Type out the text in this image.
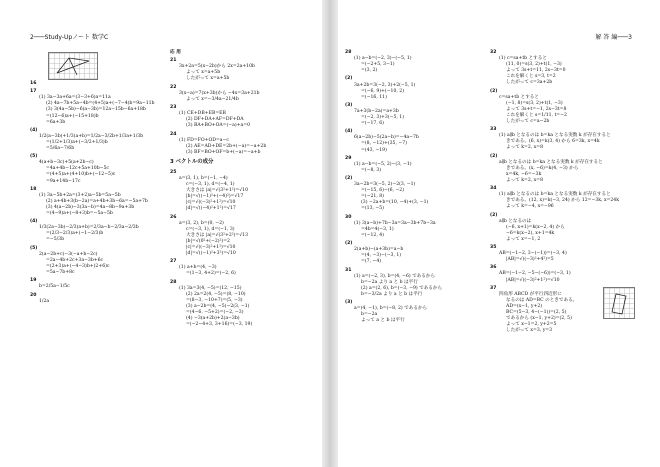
2───Study-Upノート 数学C	解 答 編───3
16
17
(1) 3a−3a+6a=(3−3+6)a=11a
(2) 4a−7b+5a−4b=(4+5)a+(−7−4)b=9a−11b
(3) 3(4a−5b)−6(a−3b)=12a−15b−6a+18b
=(12−6)a+(−15+18)b
=6a+3b
(4)
1/2(a−3b)+1/3(a+b)=1/2a−3/2b+1/3a+1/3b
=(1/2+1/3)a+(−3/2+1/3)b
=5/6a−7/6b
(5)
4(a+b−3c)+5(a+2b−c)
=4a+4b−12c+5a+10b−5c
=(4+5)a+(4+10)b+(−12−5)c
=9a+14b−17c
18
(1) 3a−5b+2a=(3+2)a−5b=5a−5b
(2) a+4b+3(b−2a)=a+4b+3b−6a=−5a+7b
(3) 4(a−2b)−3(3a−b)=4a−8b−9a+3b
=(4−9)a+(−8+3)b=−5a−5b
(4)
1/3(2a−3b)−2/3(a+b)=2/3a−b−2/3a−2/3b
=(2/3−2/3)a+(−1−2/3)b
=−5/3b
(5)
2(a−2b+c)−3(−a+b−2c)
=2a−4b+2c+3a−3b+6c
=(2+3)a+(−4−3)b+(2+6)c
=5a−7b+8c
19
b=2/5a−1/5c
20
1/2a
応 用
21
3x+2a=5(x−2b)から 2x=2a+10b
よって x=a+5b
したがって x=a+5b
22
3(x−a)=7(x+3b)から −4x=3a+21b
よって x=−3/4a−21/4b
23
(1) CE+DB+EB=EB
(2) DF+DA+AF=DF+DA
(3) BA+BO+OA=(−a)+a=0
24
(1) FD=FO+OD=a−c
(2) AE=AD+DE=2b+(−a)=−a+2b
(3) BF=BO+OF=b+(−a)=−a+b
3 ベクトルの成分
25
a=(3, 1), b=(−1, −4)
c=(−3, 1), d=(−4, 1)
大きさは |a|=√(3²+1²)=√10
|b|=√((−1)²+(−4)²)=√17
|c|=√((−3)²+1²)=√10
|d|=√((−4)²+1²)=√17
26
a=(3, 2), b=(0, −2)
c=(−3, 1), d=(−1, 3)
大きさは |a|=√(3²+2²)=√13
|b|=√(0²+(−2)²)=2
|c|=√((−3)²+1²)=√10
|d|=√((−1)²+3²)=√10
27
(1) a+b=(4, −3)
=(1−3, 4+2)=(−2, 6)
28
(1) 3a=3(4, −5)=(12, −15)
(2) 2a=2(4, −5)=(8, −10)
=(8−3, −10+7)=(5, −3)
(3) a−2b=(4, −5)−2(3, −1)
=(4−6, −5+2)=(−2, −3)
(4) −3(a+2b)+2(a−3b)
=(−2−4+3, 3+16)=(−3, 19)
28
(1) a−b=(−2, 3)−(−5, 1)
=(−2+5, 3−1)
=(3, 2)
(2)
3a+2b=3(−2, 3)+2(−5, 1)
=(−6, 9)+(−10, 2)
=(−16, 11)
(3)
7a+3(b−2a)=a+3b
=(−2, 3)+3(−5, 1)
=(−17, 6)
(4)
6(a−2b)−5(2a−b)=−4a−7b
=(8, −12)+(35, −7)
=(43, −19)
29
(1) a−b=(−5, 2)−(3, −1)
=(−8, 3)
(2)
3a−2b=3(−5, 2)−2(3, −1)
=(−15, 6)−(6, −2)
=(−21, 8)
(3) −2a+b=(10, −4)+(3, −1)
=(13, −5)
30
(1) 3(a−b)+7b−3a=3a−3b+7b−3a
=4b=4(−3, 1)
=(−12, 4)
(2)
2(a+b)−(a+3b)=a−b
=(4, −3)−(−3, 1)
=(7, −4)
31
(1) a=(−2, 3), b=(4, −6) であるから
b=−2a より a と b は平行
(2) a=(2, 6), b=(−3, −9) であるから
b=−3/2a より a と b は平行
(3)
a=(4, −1), b=(−8, 2) であるから
b=−2a
よって a と b は平行
32
(1) c=sa+tb とすると
(11, 0)=s(3, 2)+t(1, −3)
よって 3s+t=11, 2s−3t=0
これを解くと s=3, t=2
したがって c=3a+2b
(2)
c=sa+tb とすると
(−1, 8)=s(3, 2)+t(1, −3)
よって 3s+t=−1, 2s−3t=8
これを解くと s=1/11, t=−2
したがって c=a−2b
33
(1) a∥b となるのは b=ka となる実数 k が存在すると
きである。(6, x)=k(3, 4) から 6=3k, x=4k
よって k=2, x=8
(2)
a∥b となるのは b=ka となる実数 k が存在すると
きである。(x, −6)=k(4, −3) から
x=4k, −6=−3k
よって k=2, x=8
34
(1) a∥b となるのは b=ka となる実数 k が存在すると
きである。(12, x)=k(−3, 24) から 12=−3k, x=24k
よって k=−4, x=−96
(2)
a∥b となるのは
(−6, x+1)=k(x−2, 4) から
−6=k(x−2), x+1=4k
よって x=−1, 2
35
AB=(−1−2, 3−(−1))=(−3, 4)
|AB|=√((−3)²+4²)=5
36
AB=(−1−2, −5−(−6))=(−3, 1)
|AB|=√((−3)²+1²)=√10
37
四角形 ABCD が平行四辺形に
なるのは AD=BC のときである。
AD=(x−1, y+2)
BC=(5−3, 4−(−1))=(2, 5)
であるから (x−1, y+2)=(2, 5)
よって x−1=2, y+2=5
したがって x=3, y=3
